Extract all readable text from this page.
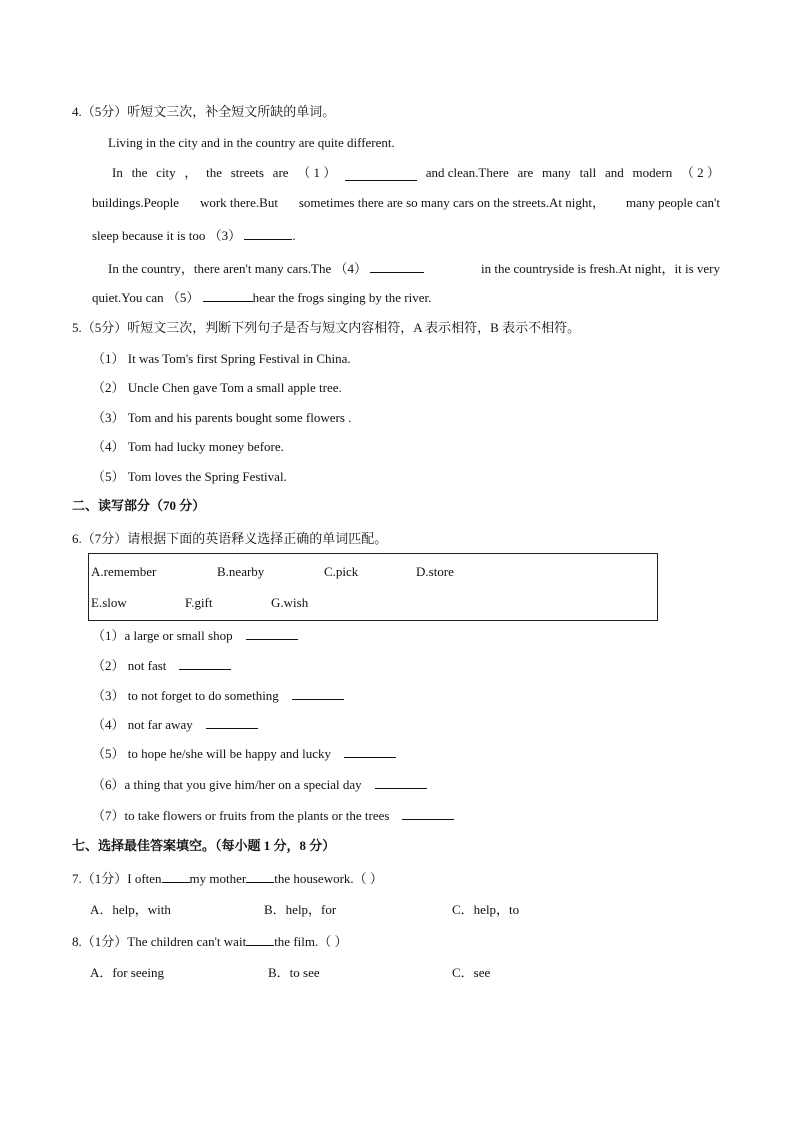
4.（5分）听短文三次，补全短文所缺的单词。
Living in the city and in the country are quite different.
In the city ， the streets are （ 1 ）	and clean.There are many tall and modern （ 2 ）
buildings.People work there.But sometimes there are so many cars on the streets.At night， many people can't
sleep because it is too （3）	.
In the country，there aren't many cars.The （4）	in the countryside is fresh.At night，it is very
quiet.You can （5）	hear the frogs singing by the river.
5.（5分）听短文三次，判断下列句子是否与短文内容相符，A 表示相符，B 表示不相符。
（1） It was Tom's first Spring Festival in China.
（2） Uncle Chen gave Tom a small apple tree.
（3） Tom and his parents bought some flowers .
（4） Tom had lucky money before.
（5） Tom loves the Spring Festival.
二、读写部分（70 分）
6.（7分）请根据下面的英语释义选择正确的单词匹配。
A.remember	B.nearby	C.pick	D.store
E.slow	F.gift	G.wish
（1）a large or small shop
（2） not fast
（3） to not forget to do something
（4） not far away
（5） to hope he/she will be happy and lucky
（6）a thing that you give him/her on a special day
（7）to take flowers or fruits from the plants or the trees
七、选择最佳答案填空。（每小题 1 分，8 分）
7.（1分）I often my mother the housework.（ ）
A．help，with	B．help，for	C．help，to
8.（1分）The children can't wait the film.（ ）
A．for seeing	B．to see	C．see
